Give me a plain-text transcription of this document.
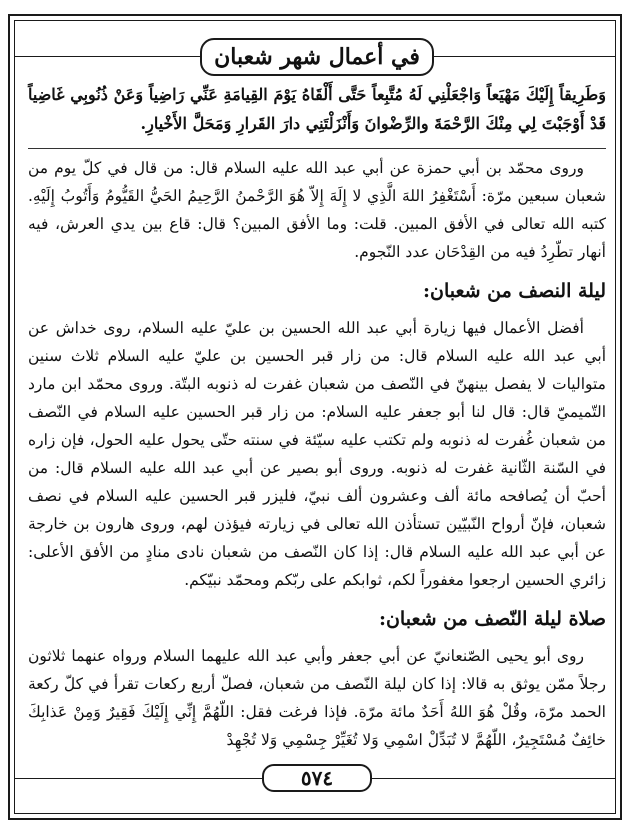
في أعمال شهر شعبان

وَطَرِيقاً إِلَيْكَ مَهْيَعاً وَاجْعَلْنِي لَهُ مُتَّبِعاً حَتَّى أَلْقَاهُ يَوْمَ القِيامَةِ عَنِّي رَاضِياً وَعَنْ ذُنُوبِي غَاضِياً قَدْ أَوْجَبْتَ لِي مِنْكَ الرَّحْمَةَ والرِّضْوانَ وَأَنْزَلْتَنِي دارَ القَرارِ وَمَحَلَّ الأَخْيارِ.

وروى محمّد بن أبي حمزة عن أبي عبد الله عليه السلام قال: من قال في كلّ يوم من شعبان سبعين مرّة: أَسْتَغْفِرُ اللهَ الَّذِي لا إِلَهَ إِلاّ هُوَ الرَّحْمنُ الرَّحِيمُ الحَيُّ القَيُّومُ وَأَتُوبُ إِلَيْهِ. كتبه الله تعالى في الأفق المبين. قلت: وما الأفق المبين؟ قال: قاع بين يدي العرش، فيه أنهار تطّرِدُ فيه من القِدْحَان عدد النّجوم.

ليلة النصف من شعبان:

أفضل الأعمال فيها زيارة أبي عبد الله الحسين بن عليّ عليه السلام، روى خداش عن أبي عبد الله عليه السلام قال: من زار قبر الحسين بن عليّ عليه السلام ثلاث سنين متواليات لا يفصل بينهنّ في النّصف من شعبان غفرت له ذنوبه البتّة. وروى محمّد ابن مارد التّميميّ قال: قال لنا أبو جعفر عليه السلام: من زار قبر الحسين عليه السلام في النّصف من شعبان غُفرت له ذنوبه ولم تكتب عليه سيّئة في سنته حتّى يحول عليه الحول، فإن زاره في السّنة الثّانية غفرت له ذنوبه. وروى أبو بصير عن أبي عبد الله عليه السلام قال: من أحبّ أن يُصافحه مائة ألف وعشرون ألف نبيّ، فليزر قبر الحسين عليه السلام في نصف شعبان، فإنّ أرواح النّبيّين تستأذن الله تعالى في زيارته فيؤذن لهم، وروى هارون بن خارجة عن أبي عبد الله عليه السلام قال: إذا كان النّصف من شعبان نادى منادٍ من الأفق الأعلى: زائري الحسين ارجعوا مغفوراً لكم، ثوابكم على ربّكم ومحمّد نبيّكم.

صلاة ليلة النّصف من شعبان:

روى أبو يحيى الصّنعانيّ عن أبي جعفر وأبي عبد الله عليهما السلام ورواه عنهما ثلاثون رجلاً ممّن يوثق به قالا: إذا كان ليلة النّصف من شعبان، فصلّ أربع ركعات تقرأ في كلّ ركعة الحمد مرّة، وقُلْ هُوَ اللهُ أَحَدٌ مائة مرّة. فإذا فرغت فقل: اللّهُمَّ إِنِّي إِلَيْكَ فَقِيرٌ وَمِنْ عَذابِكَ خائِفٌ مُسْتَجِيرٌ، اللّهُمَّ لا تُبَدِّلْ اسْمِي وَلا تُغَيِّرْ جِسْمِي وَلا تُجْهِدْ

٥٧٤
